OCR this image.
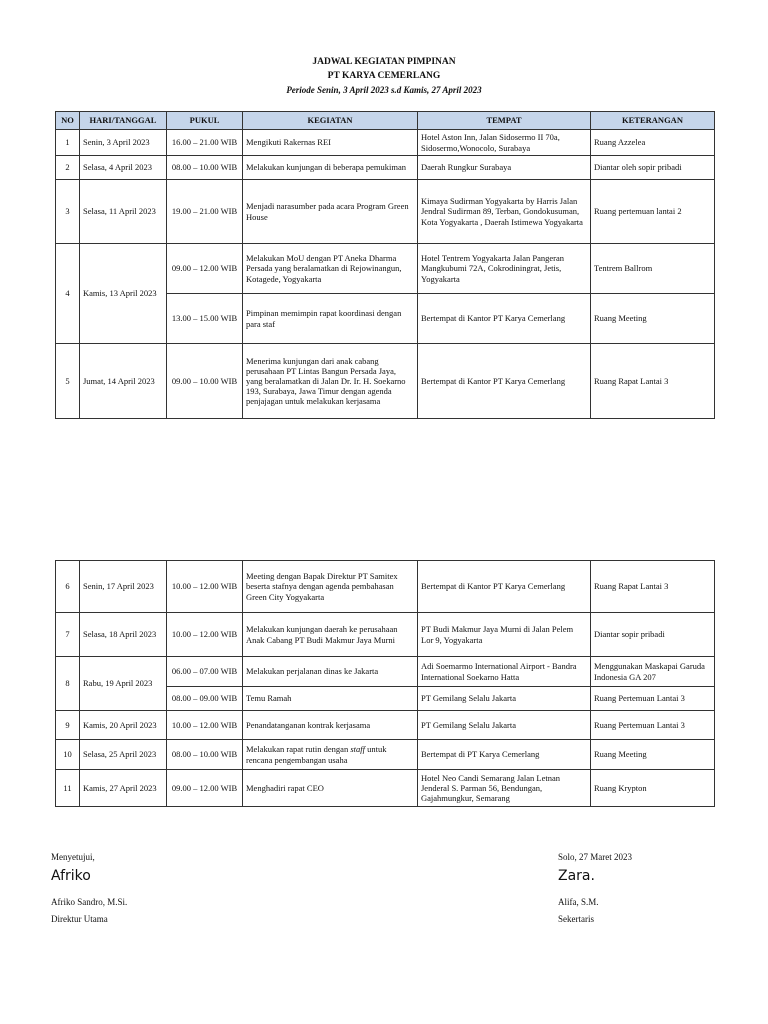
JADWAL KEGIATAN PIMPINAN
PT KARYA CEMERLANG
Periode Senin, 3 April 2023 s.d Kamis, 27 April 2023
NO	HARI/TANGGAL	PUKUL	KEGIATAN	TEMPAT	KETERANGAN
1	Senin, 3 April 2023	16.00 – 21.00 WIB	Mengikuti Rakernas REI	Hotel Aston Inn, Jalan Sidosermo II 70a, Sidosermo,Wonocolo, Surabaya	Ruang Azzelea
2	Selasa, 4 April 2023	08.00 – 10.00 WIB	Melakukan kunjungan di beberapa pemukiman	Daerah Rungkur Surabaya	Diantar oleh sopir pribadi
3	Selasa, 11 April 2023	19.00 – 21.00 WIB	Menjadi narasumber pada acara Program Green House	Kimaya Sudirman Yogyakarta by Harris Jalan Jendral Sudirman 89, Terban, Gondokusuman, Kota Yogyakarta , Daerah Istimewa Yogyakarta	Ruang pertemuan lantai 2
4	Kamis, 13 April 2023	09.00 – 12.00 WIB	Melakukan MoU dengan PT Aneka Dharma Persada yang beralamatkan di Rejowinangun, Kotagede, Yogyakarta	Hotel Tentrem Yogyakarta Jalan Pangeran Mangkubumi 72A, Cokrodiningrat, Jetis, Yogyakarta	Tentrem Ballrom
		13.00 – 15.00 WIB	Pimpinan memimpin rapat koordinasi dengan para staf	Bertempat di Kantor PT Karya Cemerlang	Ruang Meeting
5	Jumat, 14 April 2023	09.00 – 10.00 WIB	Menerima kunjungan dari anak cabang perusahaan PT Lintas Bangun Persada Jaya, yang beralamatkan di Jalan Dr. Ir. H. Soekarno 193, Surabaya, Jawa Timur dengan agenda penjajagan untuk melakukan kerjasama	Bertempat di Kantor PT Karya Cemerlang	Ruang Rapat Lantai 3
6	Senin, 17 April 2023	10.00 – 12.00 WIB	Meeting dengan Bapak Direktur PT Samitex beserta stafnya dengan agenda pembahasan Green City Yogyakarta	Bertempat di Kantor PT Karya Cemerlang	Ruang Rapat Lantai 3
7	Selasa, 18 April 2023	10.00 – 12.00 WIB	Melakukan kunjungan daerah ke perusahaan Anak Cabang PT Budi Makmur Jaya Murni	PT Budi Makmur Jaya Murni di Jalan Pelem Lor 9, Yogyakarta	Diantar sopir pribadi
8	Rabu, 19 April 2023	06.00 – 07.00 WIB	Melakukan perjalanan dinas ke Jakarta	Adi Soemarmo International Airport - Bandra International Soekarno Hatta	Menggunakan Maskapai Garuda Indonesia GA 207
		08.00 – 09.00 WIB	Temu Ramah	PT Gemilang Selalu Jakarta	Ruang Pertemuan Lantai 3
9	Kamis, 20 April 2023	10.00 – 12.00 WIB	Penandatanganan kontrak kerjasama	PT Gemilang Selalu Jakarta	Ruang Pertemuan Lantai 3
10	Selasa, 25 April 2023	08.00 – 10.00 WIB	Melakukan rapat rutin dengan staff untuk rencana pengembangan usaha	Bertempat di PT Karya Cemerlang	Ruang Meeting
11	Kamis, 27 April 2023	09.00 – 12.00 WIB	Menghadiri rapat CEO	Hotel Neo Candi Semarang Jalan Letnan Jenderal S. Parman 56, Bendungan, Gajahmungkur, Semarang	Ruang Krypton
Menyetujui,
Afriko
Afriko Sandro, M.Si.
Direktur Utama
Solo, 27 Maret 2023
Zara.
Alifa, S.M.
Sekertaris
